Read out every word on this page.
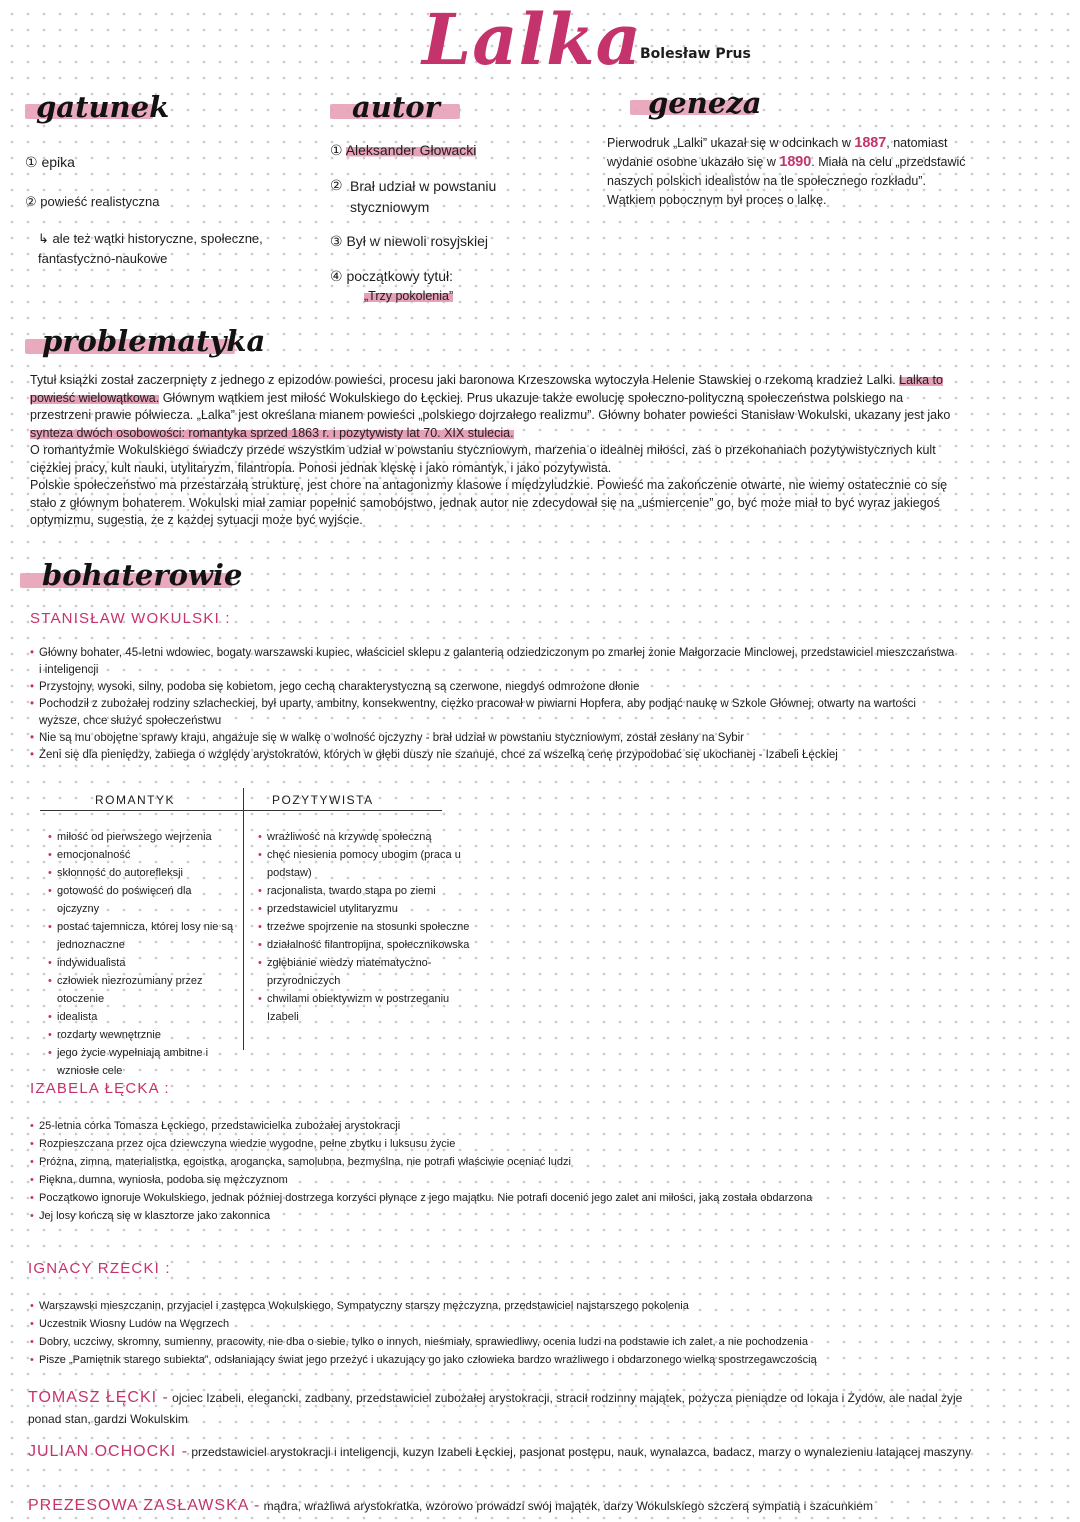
Lalka
Bolesław Prus
gatunek
① epika
② powieść realistyczna
↳ ale też wątki historyczne, społeczne, fantastyczno-naukowe
autor
① Aleksander Głowacki
② Brał udział w powstaniu styczniowym
③ Był w niewoli rosyjskiej
④ początkowy tytuł:
„Trzy pokolenia”
geneza
Pierwodruk „Lalki” ukazał się w odcinkach w 1887, natomiast wydanie osobne ukazało się w 1890. Miała na celu „przedstawić naszych polskich idealistów na tle społecznego rozkładu”. Wątkiem pobocznym był proces o lalkę.
problematyka

Tytuł książki został zaczerpnięty z jednego z epizodów powieści, procesu jaki baronowa Krzeszowska wytoczyła Helenie Stawskiej o rzekomą kradzież Lalki. Lalka to powieść wielowątkowa. Głównym wątkiem jest miłość Wokulskiego do Łęckiej. Prus ukazuje także ewolucję społeczno-polityczną społeczeństwa polskiego na przestrzeni prawie półwiecza. „Lalka” jest określana mianem powieści „polskiego dojrzałego realizmu”. Główny bohater powieści Stanisław Wokulski, ukazany jest jako synteza dwóch osobowości: romantyka sprzed 1863 r. i pozytywisty lat 70. XIX stulecia.

O romantyźmie Wokulskiego świadczy przede wszystkim udział w powstaniu styczniowym, marzenia o idealnej miłości, zaś o przekonaniach pozytywistycznych kult ciężkiej pracy, kult nauki, utylitaryzm, filantropia. Ponosi jednak klęskę i jako romantyk, i jako pozytywista.

Polskie społeczeństwo ma przestarzałą strukturę, jest chore na antagonizmy klasowe i międzyludzkie. Powieść ma zakończenie otwarte, nie wiemy ostatecznie co się stało z głównym bohaterem. Wokulski miał zamiar popełnić samobójstwo, jednak autor nie zdecydował się na „uśmiercenie” go, być może miał to być wyraz jakiegoś optymizmu, sugestia, że z każdej sytuacji może być wyjście.

bohaterowie
STANISŁAW WOKULSKI :
• Główny bohater, 45-letni wdowiec, bogaty warszawski kupiec, właściciel sklepu z galanterią odziedziczonym po zmarłej żonie Małgorzacie Minclowej, przedstawiciel mieszczaństwa i inteligencji
• Przystojny, wysoki, silny, podoba się kobietom, jego cechą charakterystyczną są czerwone, niegdyś odmrożone dłonie
• Pochodził z zubożałej rodziny szlacheckiej, był uparty, ambitny, konsekwentny, ciężko pracował w piwiarni Hopfera, aby podjąć naukę w Szkole Głównej, otwarty na wartości wyższe, chce służyć społeczeństwu
• Nie są mu obojętne sprawy kraju, angażuje się w walkę o wolność ojczyzny - brał udział w powstaniu styczniowym, został zesłany na Sybir
• Żeni się dla pieniędzy, zabiega o względy arystokratów, których w głębi duszy nie szanuje, chce za wszelką cenę przypodobać się ukochanej - Izabeli Łęckiej
ROMANTYK	POZYTYWISTA
• miłość od pierwszego wejrzenia
• emocjonalność
• skłonność do autorefleksji
• gotowość do poświęceń dla ojczyzny
• postać tajemnicza, której losy nie są jednoznaczne
• indywidualista
• człowiek niezrozumiany przez otoczenie
• idealista
• rozdarty wewnętrznie
• jego życie wypełniają ambitne i wzniosłe cele
• wrażliwość na krzywdę społeczną
• chęć niesienia pomocy ubogim (praca u podstaw)
• racjonalista, twardo stąpa po ziemi
• przedstawiciel utylitaryzmu
• trzeźwe spojrzenie na stosunki społeczne
• działalność filantropijna, społecznikowska
• zgłębianie wiedzy matematyczno-przyrodniczych
• chwilami obiektywizm w postrzeganiu Izabeli
IZABELA ŁĘCKA :
• 25-letnia córka Tomasza Łęckiego, przedstawicielka zubożałej arystokracji
• Rozpieszczana przez ojca dziewczyna wiedzie wygodne, pełne zbytku i luksusu życie
• Próżna, zimna, materialistka, egoistka, arogancka, samolubna, bezmyślna, nie potrafi właściwie oceniać ludzi
• Piękna, dumna, wyniosła, podoba się mężczyznom
• Początkowo ignoruje Wokulskiego, jednak później dostrzega korzyści płynące z jego majątku. Nie potrafi docenić jego zalet ani miłości, jaką została obdarzona
• Jej losy kończą się w klasztorze jako zakonnica
IGNACY RZECKI :
• Warszawski mieszczanin, przyjaciel i zastępca Wokulskiego. Sympatyczny starszy mężczyzna, przedstawiciel najstarszego pokolenia
• Uczestnik Wiosny Ludów na Węgrzech
• Dobry, uczciwy, skromny, sumienny, pracowity, nie dba o siebie, tylko o innych, nieśmiały, sprawiedliwy, ocenia ludzi na podstawie ich zalet, a nie pochodzenia
• Pisze „Pamiętnik starego subiekta”, odsłaniający świat jego przeżyć i ukazujący go jako człowieka bardzo wrażliwego i obdarzonego wielką spostrzegawczością
TOMASZ ŁĘCKI - ojciec Izabeli, elegancki, zadbany, przedstawiciel zubożałej arystokracji, stracił rodzinny majątek, pożycza pieniądze od lokaja i Żydów, ale nadal żyje ponad stan, gardzi Wokulskim
JULIAN OCHOCKI - przedstawiciel arystokracji i inteligencji, kuzyn Izabeli Łęckiej, pasjonat postępu, nauk, wynalazca, badacz, marzy o wynalezieniu latającej maszyny
PREZESOWA ZASŁAWSKA - mądra, wrażliwa arystokratka, wzorowo prowadzi swój majątek, darzy Wokulskiego szczerą sympatią i szacunkiem
